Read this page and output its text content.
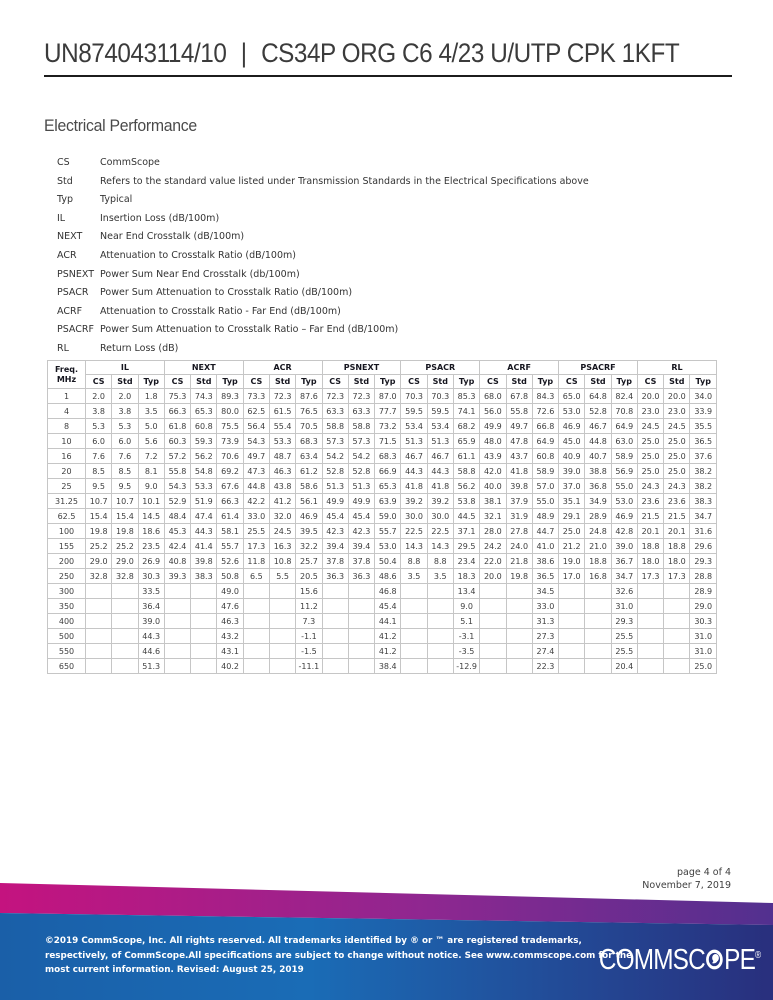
UN874043114/10 | CS34P ORG C6 4/23 U/UTP CPK 1KFT
Electrical Performance
CS	CommScope
Std	Refers to the standard value listed under Transmission Standards in the Electrical Specifications above
Typ	Typical
IL	Insertion Loss (dB/100m)
NEXT	Near End Crosstalk (dB/100m)
ACR	Attenuation to Crosstalk Ratio (dB/100m)
PSNEXT Power Sum Near End Crosstalk (db/100m)
PSACR	Power Sum Attenuation to Crosstalk Ratio (dB/100m)
ACRF	Attenuation to Crosstalk Ratio - Far End (dB/100m)
PSACRF Power Sum Attenuation to Crosstalk Ratio – Far End (dB/100m)
RL	Return Loss (dB)
Freq.
MHz	IL			NEXT			ACR			PSNEXT			PSACR			ACRF			PSACRF			RL		
	CS	Std	Typ	CS	Std	Typ	CS	Std	Typ	CS	Std	Typ	CS	Std	Typ	CS	Std	Typ	CS	Std	Typ	CS	Std	Typ
1	2.0	2.0	1.8	75.3	74.3	89.3	73.3	72.3	87.6	72.3	72.3	87.0	70.3	70.3	85.3	68.0	67.8	84.3	65.0	64.8	82.4	20.0	20.0	34.0
4	3.8	3.8	3.5	66.3	65.3	80.0	62.5	61.5	76.5	63.3	63.3	77.7	59.5	59.5	74.1	56.0	55.8	72.6	53.0	52.8	70.8	23.0	23.0	33.9
8	5.3	5.3	5.0	61.8	60.8	75.5	56.4	55.4	70.5	58.8	58.8	73.2	53.4	53.4	68.2	49.9	49.7	66.8	46.9	46.7	64.9	24.5	24.5	35.5
10	6.0	6.0	5.6	60.3	59.3	73.9	54.3	53.3	68.3	57.3	57.3	71.5	51.3	51.3	65.9	48.0	47.8	64.9	45.0	44.8	63.0	25.0	25.0	36.5
16	7.6	7.6	7.2	57.2	56.2	70.6	49.7	48.7	63.4	54.2	54.2	68.3	46.7	46.7	61.1	43.9	43.7	60.8	40.9	40.7	58.9	25.0	25.0	37.6
20	8.5	8.5	8.1	55.8	54.8	69.2	47.3	46.3	61.2	52.8	52.8	66.9	44.3	44.3	58.8	42.0	41.8	58.9	39.0	38.8	56.9	25.0	25.0	38.2
25	9.5	9.5	9.0	54.3	53.3	67.6	44.8	43.8	58.6	51.3	51.3	65.3	41.8	41.8	56.2	40.0	39.8	57.0	37.0	36.8	55.0	24.3	24.3	38.2
31.25	10.7	10.7	10.1	52.9	51.9	66.3	42.2	41.2	56.1	49.9	49.9	63.9	39.2	39.2	53.8	38.1	37.9	55.0	35.1	34.9	53.0	23.6	23.6	38.3
62.5	15.4	15.4	14.5	48.4	47.4	61.4	33.0	32.0	46.9	45.4	45.4	59.0	30.0	30.0	44.5	32.1	31.9	48.9	29.1	28.9	46.9	21.5	21.5	34.7
100	19.8	19.8	18.6	45.3	44.3	58.1	25.5	24.5	39.5	42.3	42.3	55.7	22.5	22.5	37.1	28.0	27.8	44.7	25.0	24.8	42.8	20.1	20.1	31.6
155	25.2	25.2	23.5	42.4	41.4	55.7	17.3	16.3	32.2	39.4	39.4	53.0	14.3	14.3	29.5	24.2	24.0	41.0	21.2	21.0	39.0	18.8	18.8	29.6
200	29.0	29.0	26.9	40.8	39.8	52.6	11.8	10.8	25.7	37.8	37.8	50.4	8.8	8.8	23.4	22.0	21.8	38.6	19.0	18.8	36.7	18.0	18.0	29.3
250	32.8	32.8	30.3	39.3	38.3	50.8	6.5	5.5	20.5	36.3	36.3	48.6	3.5	3.5	18.3	20.0	19.8	36.5	17.0	16.8	34.7	17.3	17.3	28.8
300			33.5			49.0			15.6			46.8			13.4			34.5			32.6			28.9
350			36.4			47.6			11.2			45.4			9.0			33.0			31.0			29.0
400			39.0			46.3			7.3			44.1			5.1			31.3			29.3			30.3
500			44.3			43.2			-1.1			41.2			-3.1			27.3			25.5			31.0
550			44.6			43.1			-1.5			41.2			-3.5			27.4			25.5			31.0
650			51.3			40.2			-11.1			38.4			-12.9			22.3			20.4			25.0
page 4 of 4
November 7, 2019
©2019 CommScope, Inc. All rights reserved. All trademarks identified by ® or ™ are registered trademarks,
respectively, of CommScope.All specifications are subject to change without notice. See www.commscope.com for the
most current information. Revised: August 25, 2019	COMMSC PE®
